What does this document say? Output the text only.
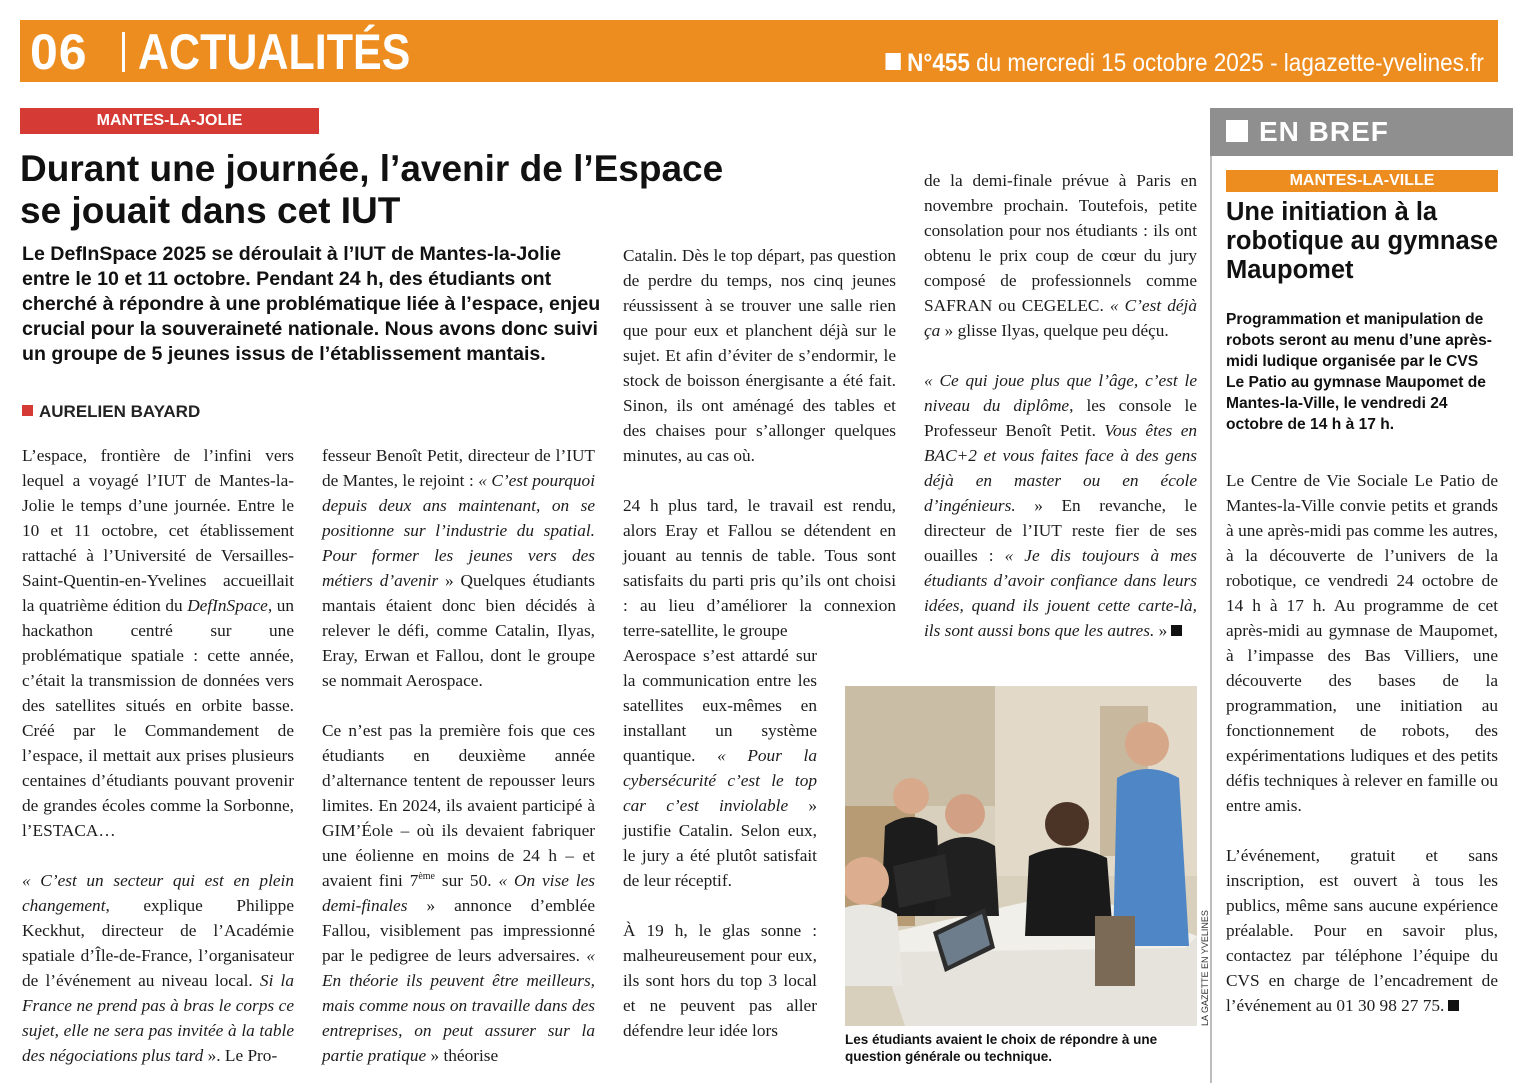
06 ACTUALITÉS	N°455 du mercredi 15 octobre 2025 - lagazette-yvelines.fr
MANTES-LA-JOLIE
Durant une journée, l’avenir de l’Espace
se jouait dans cet IUT
Le DefInSpace 2025 se déroulait à l’IUT de Mantes-la-Jolie entre le 10 et 11 octobre. Pendant 24 h, des étudiants ont cherché à répondre à une problématique liée à l’espace, enjeu crucial pour la souveraineté nationale. Nous avons donc suivi un groupe de 5 jeunes issus de l’établissement mantais.
AURELIEN BAYARD

L’espace, frontière de l’infini vers lequel a voyagé l’IUT de Mantes-la-Jolie le temps d’une journée. Entre le 10 et 11 octobre, cet établissement rattaché à l’Université de Versailles-Saint-Quentin-en-Yvelines accueillait la quatrième édition du DefInSpace, un hackathon centré sur une problématique spatiale : cette année, c’était la transmission de données vers des satellites situés en orbite basse. Créé par le Commandement de l’espace, il mettait aux prises plusieurs centaines d’étudiants pouvant provenir de grandes écoles comme la Sorbonne, l’ESTACA…

« C’est un secteur qui est en plein changement, explique Philippe Keckhut, directeur de l’Académie spatiale d’Île-de-France, l’organisateur de l’événement au niveau local. Si la France ne prend pas à bras le corps ce sujet, elle ne sera pas invitée à la table des négociations plus tard ». Le Pro-

fesseur Benoît Petit, directeur de l’IUT de Mantes, le rejoint : « C’est pourquoi depuis deux ans maintenant, on se positionne sur l’industrie du spatial. Pour former les jeunes vers des métiers d’avenir » Quelques étudiants mantais étaient donc bien décidés à relever le défi, comme Catalin, Ilyas, Eray, Erwan et Fallou, dont le groupe se nommait Aerospace.

Ce n’est pas la première fois que ces étudiants en deuxième année d’alternance tentent de repousser leurs limites. En 2024, ils avaient participé à GIM’Éole – où ils devaient fabriquer une éolienne en moins de 24 h – et avaient fini 7ème sur 50. « On vise les demi-finales » annonce d’emblée Fallou, visiblement pas impressionné par le pedigree de leurs adversaires. « En théorie ils peuvent être meilleurs, mais comme nous on travaille dans des entreprises, on peut assurer sur la partie pratique » théorise

Catalin. Dès le top départ, pas question de perdre du temps, nos cinq jeunes réussissent à se trouver une salle rien que pour eux et planchent déjà sur le sujet. Et afin d’éviter de s’endormir, le stock de boisson énergisante a été fait. Sinon, ils ont aménagé des tables et des chaises pour s’allonger quelques minutes, au cas où.

24 h plus tard, le travail est rendu, alors Eray et Fallou se détendent en jouant au tennis de table. Tous sont satisfaits du parti pris qu’ils ont choisi : au lieu d’améliorer la connexion terre-satellite, le groupe

Aerospace s’est attardé sur la communication entre les satellites eux-mêmes en installant un système quantique. « Pour la cybersécurité c’est le top car c’est inviolable » justifie Catalin. Selon eux, le jury a été plutôt satisfait de leur réceptif.

À 19 h, le glas sonne : malheureusement pour eux, ils sont hors du top 3 local et ne peuvent pas aller défendre leur idée lors

de la demi-finale prévue à Paris en novembre prochain. Toutefois, petite consolation pour nos étudiants : ils ont obtenu le prix coup de cœur du jury composé de professionnels comme SAFRAN ou CEGELEC. « C’est déjà ça » glisse Ilyas, quelque peu déçu.

« Ce qui joue plus que l’âge, c’est le niveau du diplôme, les console le Professeur Benoît Petit. Vous êtes en BAC+2 et vous faites face à des gens déjà en master ou en école d’ingénieurs. » En revanche, le directeur de l’IUT reste fier de ses ouailles : « Je dis toujours à mes étudiants d’avoir confiance dans leurs idées, quand ils jouent cette carte-là, ils sont aussi bons que les autres. »

LA GAZETTE EN YVELINES
Les étudiants avaient le choix de répondre à une question générale ou technique.
EN BREF
MANTES-LA-VILLE
Une initiation à la robotique au gymnase Maupomet
Programmation et manipulation de robots seront au menu d’une après-midi ludique organisée par le CVS Le Patio au gymnase Maupomet de Mantes-la-Ville, le vendredi 24 octobre de 14 h à 17 h.

Le Centre de Vie Sociale Le Patio de Mantes-la-Ville convie petits et grands à une après-midi pas comme les autres, à la découverte de l’univers de la robotique, ce vendredi 24 octobre de 14 h à 17 h. Au programme de cet après-midi au gymnase de Maupomet, à l’impasse des Bas Villiers, une découverte des bases de la programmation, une initiation au fonctionnement de robots, des expérimentations ludiques et des petits défis techniques à relever en famille ou entre amis.

L’événement, gratuit et sans inscription, est ouvert à tous les publics, même sans aucune expérience préalable. Pour en savoir plus, contactez par téléphone l’équipe du CVS en charge de l’encadrement de l’événement au 01 30 98 27 75.
